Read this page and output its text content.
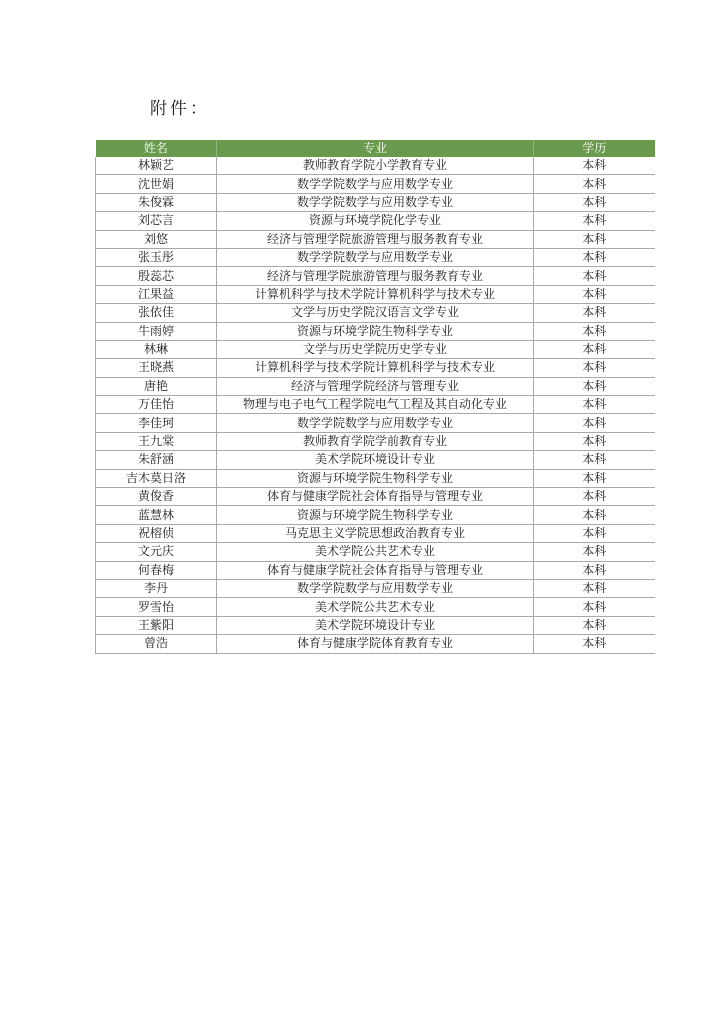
附件：
姓名	专业	学历
林颖艺	教师教育学院小学教育专业	本科
沈世娟	数学学院数学与应用数学专业	本科
朱俊霖	数学学院数学与应用数学专业	本科
刘芯言	资源与环境学院化学专业	本科
刘悠	经济与管理学院旅游管理与服务教育专业	本科
张玉彤	数学学院数学与应用数学专业	本科
殷蕊芯	经济与管理学院旅游管理与服务教育专业	本科
江果益	计算机科学与技术学院计算机科学与技术专业	本科
张依佳	文学与历史学院汉语言文学专业	本科
牛雨婷	资源与环境学院生物科学专业	本科
林琳	文学与历史学院历史学专业	本科
王晓燕	计算机科学与技术学院计算机科学与技术专业	本科
唐艳	经济与管理学院经济与管理专业	本科
万佳怡	物理与电子电气工程学院电气工程及其自动化专业	本科
李佳珂	数学学院数学与应用数学专业	本科
王九棠	教师教育学院学前教育专业	本科
朱舒涵	美术学院环境设计专业	本科
吉木莫日洛	资源与环境学院生物科学专业	本科
黄俊香	体育与健康学院社会体育指导与管理专业	本科
蓝慧林	资源与环境学院生物科学专业	本科
祝榕侦	马克思主义学院思想政治教育专业	本科
文元庆	美术学院公共艺术专业	本科
何春梅	体育与健康学院社会体育指导与管理专业	本科
李丹	数学学院数学与应用数学专业	本科
罗雪怡	美术学院公共艺术专业	本科
王紫阳	美术学院环境设计专业	本科
曾浩	体育与健康学院体育教育专业	本科
